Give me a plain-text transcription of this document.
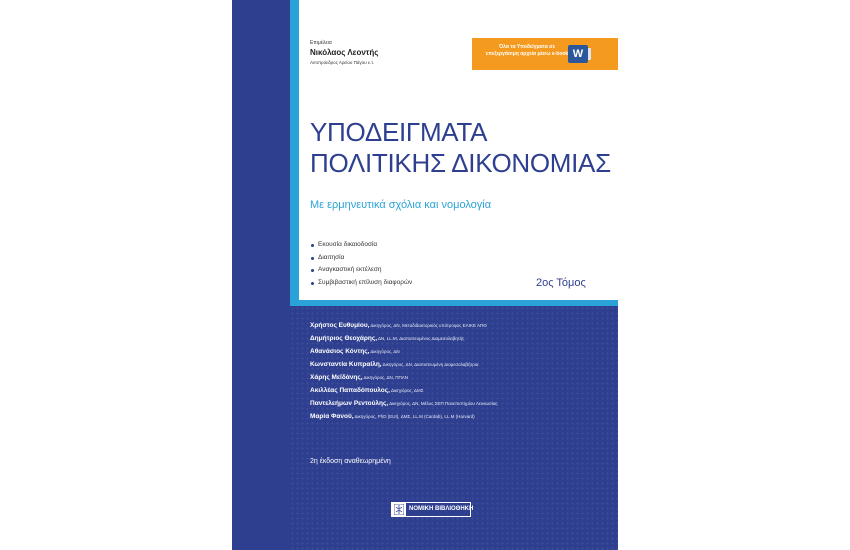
Επιμέλεια
Νικόλαος Λεοντής
Αντιπρόεδρος Αρείου Πάγου ε.τ.
Όλα τα Υποδείγματα σε επεξεργάσιμη αρχεία μέσω e-book W
ΥΠΟΔΕΙΓΜΑΤΑ
ΠΟΛΙΤΙΚΗΣ ΔΙΚΟΝΟΜΙΑΣ
Με ερμηνευτικά σχόλια και νομολογία
Εκουσία δικαιοδοσία
Διαιτησία
Αναγκαστική εκτέλεση
Συμβιβαστική επίλυση διαφορών	2ος Τόμος
Χρήστος Ευθυμίου, Δικηγόρος, ΔΝ, Μεταδιδακτορικός υπότροφος ΕΛΙΚΕ ΑΠΘ
Δημήτριος Θεοχάρης, ΔΝ, LL.M, Διαπιστευμένος Διαμεσολαβητής
Αθανάσιος Κόντης, Δικηγόρος, ΔΝ
Κωνσταντία Κυπραίλη, Δικηγόρος, ΔΝ, Διαπιστευμένη Διαμεσολαβήτρια
Χάρης Μεϊδάνης, Δικηγόρος, ΔΝ, ΠΠΑΝ
Ακιλλέας Παπαδόπουλος, Δικηγόρος, ΔΜΣ
Παντελεήμων Ρεντούλης, Δικηγόρος, ΔΝ, Μέλος ΣΕΠ Πανεπιστημίου Λευκωσίας
Μαρία Φανού, Δικηγόρος, PhD (EUI), ΔΜΣ, LL.M (Cardab), LL.M (Harvard)
2η έκδοση αναθεωρημένη
ΝΟΜΙΚΗ ΒΙΒΛΙΟΘΗΚΗ
